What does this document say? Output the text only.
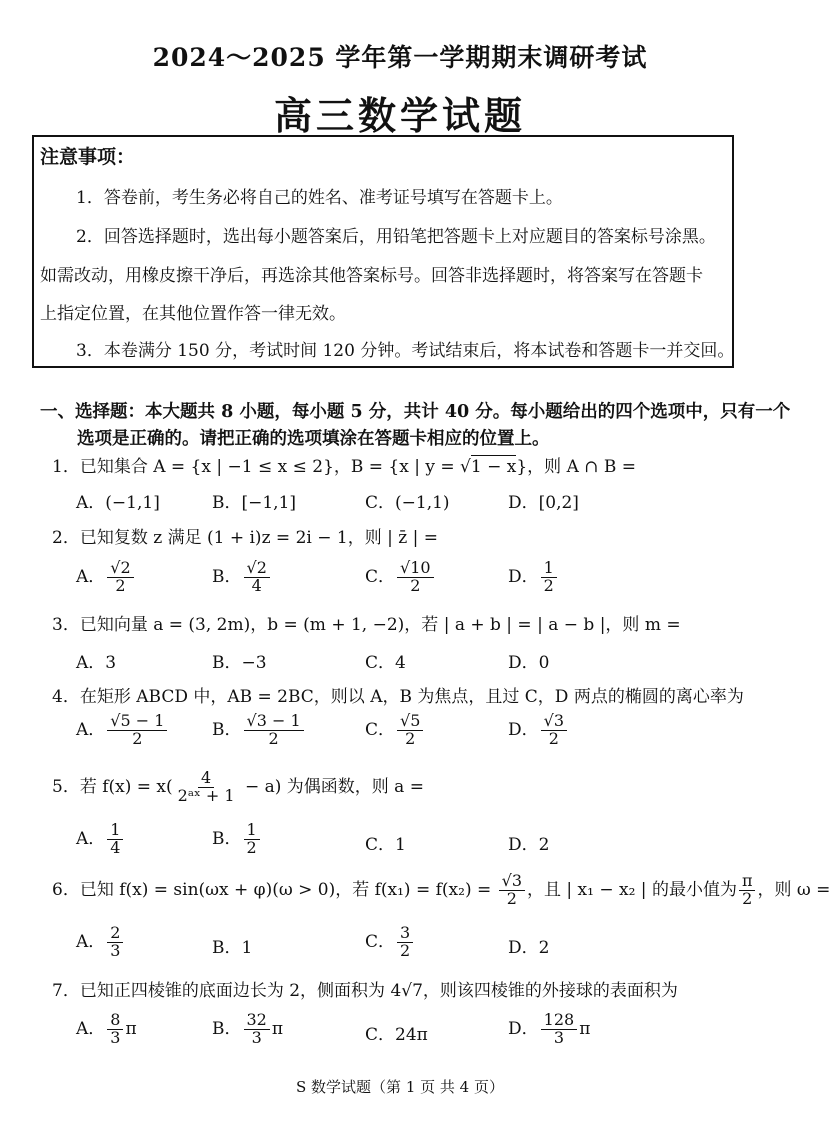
2024～2025 学年第一学期期末调研考试
高三数学试题
注意事项：
1．答卷前，考生务必将自己的姓名、准考证号填写在答题卡上。
2．回答选择题时，选出每小题答案后，用铅笔把答题卡上对应题目的答案标号涂黑。
如需改动，用橡皮擦干净后，再选涂其他答案标号。回答非选择题时，将答案写在答题卡
上指定位置，在其他位置作答一律无效。
3．本卷满分 150 分，考试时间 120 分钟。考试结束后，将本试卷和答题卡一并交回。
一、选择题：本大题共 8 小题，每小题 5 分，共计 40 分。每小题给出的四个选项中，只有一个
选项是正确的。请把正确的选项填涂在答题卡相应的位置上。
1．已知集合 A = {x | −1 ≤ x ≤ 2}，B = {x | y = √1 − x}，则 A ∩ B =
A．(−1,1]	B．[−1,1]	C．(−1,1)	D．[0,2]
2．已知复数 z 满足 (1 + i)z = 2i − 1，则 | z̄ | =
A． $\frac{√2}{2}$	B． $\frac{√2}{4}$	C． $\frac{√10}{2}$	D． $\frac{1}{2}$
3．已知向量 a = (3, 2m)，b = (m + 1, −2)，若 | a + b | = | a − b |，则 m =
A．3	B．−3	C．4	D．0
4．在矩形 ABCD 中，AB = 2BC，则以 A，B 为焦点，且过 C，D 两点的椭圆的离心率为
A． $\frac{√5 - 1}{2}$	B． $\frac{√3 - 1}{2}$	C． $\frac{√5}{2}$	D． $\frac{√3}{2}$
5．若 $f(x) = x( \frac{4}{\text{2ᵃˣ + 1}} - a)$ 为偶函数，则 a =
A． $\frac{1}{4}$	B． $\frac{1}{2}$	C．1	D．2
6．已知 f(x) = sin(ωx + φ)(ω > 0)，若 $f(x_1) = f(x_2) = \frac{√3}{2}$ ，且 | x₁ − x₂ | 的最小值为 $\frac{\pi}{2}$ ，则 ω =
A． $\frac{2}{3}$	B．1	C． $\frac{3}{2}$	D．2
7．已知正四棱锥的底面边长为 2，侧面积为 4√7，则该四棱锥的外接球的表面积为
A． $\frac{8}{3}$ π	B． $\frac{32}{3}$ π	C．24π	D． $\frac{128}{3}$ π
S 数学试题（第 1 页 共 4 页）
